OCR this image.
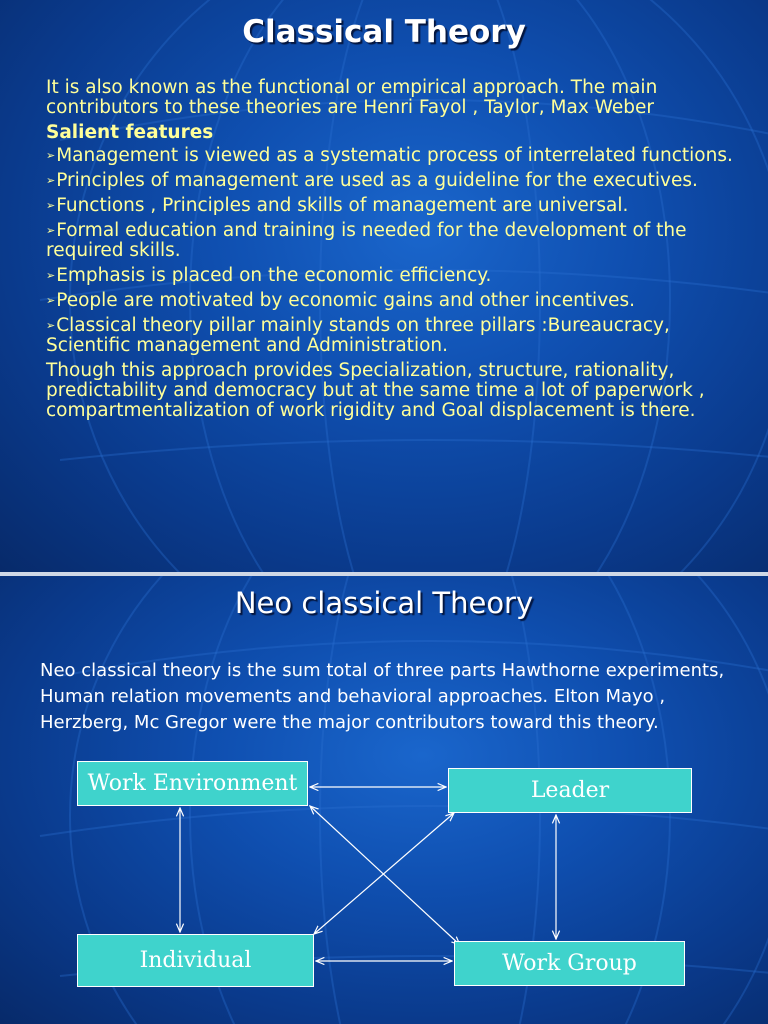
Classical Theory

It is also known as the functional or empirical approach. The main contributors to these theories are Henri Fayol , Taylor, Max Weber

Salient features

➢Management is viewed as a systematic process of interrelated functions.

➢Principles of management are used as a guideline for the executives.

➢Functions , Principles and skills of management are universal.

➢Formal education and training is needed for the development of the required skills.

➢Emphasis is placed on the economic efficiency.

➢People are motivated by economic gains and other incentives.

➢Classical theory pillar mainly stands on three pillars :Bureaucracy, Scientific management and Administration.

Though this approach provides Specialization, structure, rationality, predictability and democracy but at the same time a lot of paperwork , compartmentalization of work rigidity and Goal displacement is there.

Neo classical Theory
Neo classical theory is the sum total of three parts Hawthorne experiments, Human relation movements and behavioral approaches. Elton Mayo , Herzberg, Mc Gregor were the major contributors toward this theory.
Work Environment	Leader
Individual	Work Group
